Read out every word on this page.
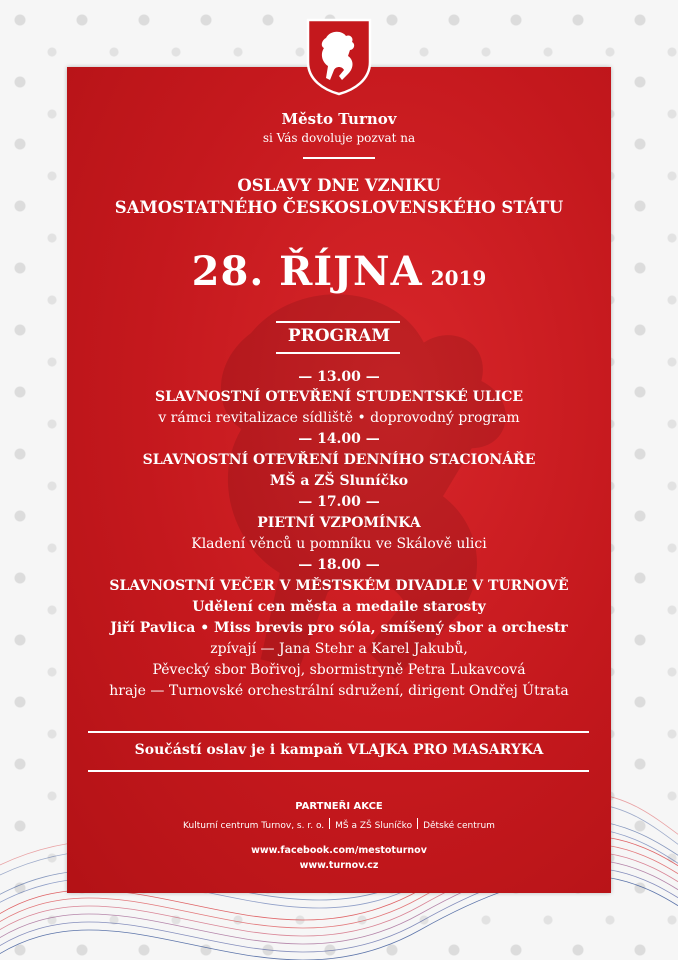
Město Turnov
si Vás dovoluje pozvat na
OSLAVY DNE VZNIKU
SAMOSTATNÉHO ČESKOSLOVENSKÉHO STÁTU
28. ŘÍJNA 2019
PROGRAM
— 13.00 —
SLAVNOSTNÍ OTEVŘENÍ STUDENTSKÉ ULICE
v rámci revitalizace sídliště • doprovodný program
— 14.00 —
SLAVNOSTNÍ OTEVŘENÍ DENNÍHO STACIONÁŘE
MŠ a ZŠ Sluníčko
— 17.00 —
PIETNÍ VZPOMÍNKA
Kladení věnců u pomníku ve Skálově ulici
— 18.00 —
SLAVNOSTNÍ VEČER V MĚSTSKÉM DIVADLE V TURNOVĚ
Udělení cen města a medaile starosty
Jiří Pavlica • Miss brevis pro sóla, smíšený sbor a orchestr
zpívají — Jana Stehr a Karel Jakubů,
Pěvecký sbor Bořivoj, sbormistryně Petra Lukavcová
hraje — Turnovské orchestrální sdružení, dirigent Ondřej Útrata
Součástí oslav je i kampaň VLAJKA PRO MASARYKA
PARTNEŘI AKCE
Kulturní centrum Turnov, s. r. o. MŠ a ZŠ Sluníčko Dětské centrum
www.facebook.com/mestoturnov
www.turnov.cz
